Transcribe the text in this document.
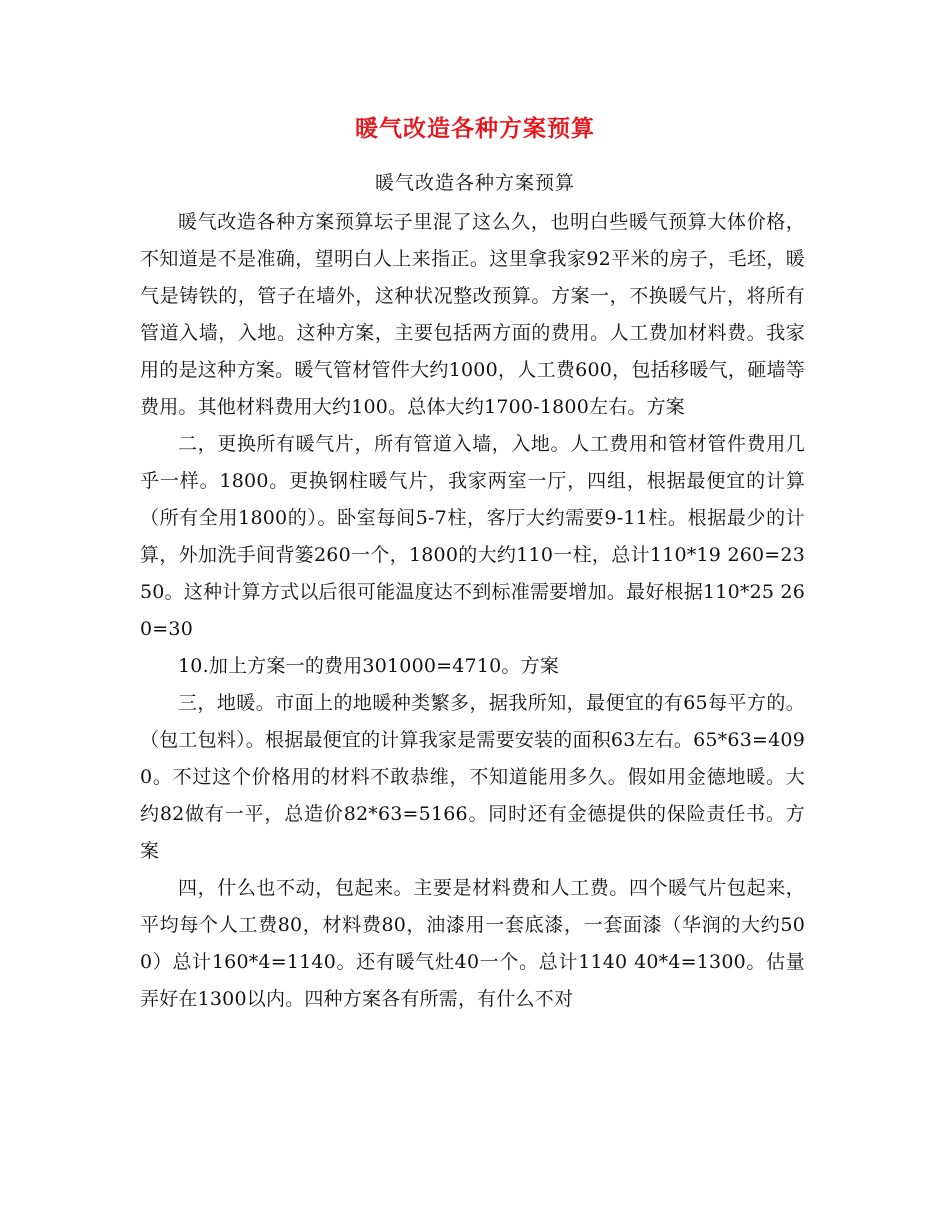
暖气改造各种方案预算
暖气改造各种方案预算

暖气改造各种方案预算坛子里混了这么久，也明白些暖气预算大体价格，不知道是不是准确，望明白人上来指正。这里拿我家92平米的房子，毛坯，暖气是铸铁的，管子在墙外，这种状况整改预算。方案一，不换暖气片，将所有管道入墙，入地。这种方案，主要包括两方面的费用。人工费加材料费。我家用的是这种方案。暖气管材管件大约1000，人工费600，包括移暖气，砸墙等费用。其他材料费用大约100。总体大约1700-1800左右。方案

二，更换所有暖气片，所有管道入墙，入地。人工费用和管材管件费用几乎一样。1800。更换钢柱暖气片，我家两室一厅，四组，根据最便宜的计算（所有全用1800的）。卧室每间5-7柱，客厅大约需要9-11柱。根据最少的计算，外加洗手间背篓260一个，1800的大约110一柱，总计110*19 260=2350。这种计算方式以后很可能温度达不到标准需要增加。最好根据110*25 260=30

10.加上方案一的费用301000=4710。方案

三，地暖。市面上的地暖种类繁多，据我所知，最便宜的有65每平方的。（包工包料）。根据最便宜的计算我家是需要安装的面积63左右。65*63=4090。不过这个价格用的材料不敢恭维，不知道能用多久。假如用金德地暖。大约82做有一平，总造价82*63=5166。同时还有金德提供的保险责任书。方案

四，什么也不动，包起来。主要是材料费和人工费。四个暖气片包起来，平均每个人工费80，材料费80，油漆用一套底漆，一套面漆（华润的大约500）总计160*4=1140。还有暖气灶40一个。总计1140 40*4=1300。估量弄好在1300以内。四种方案各有所需，有什么不对
